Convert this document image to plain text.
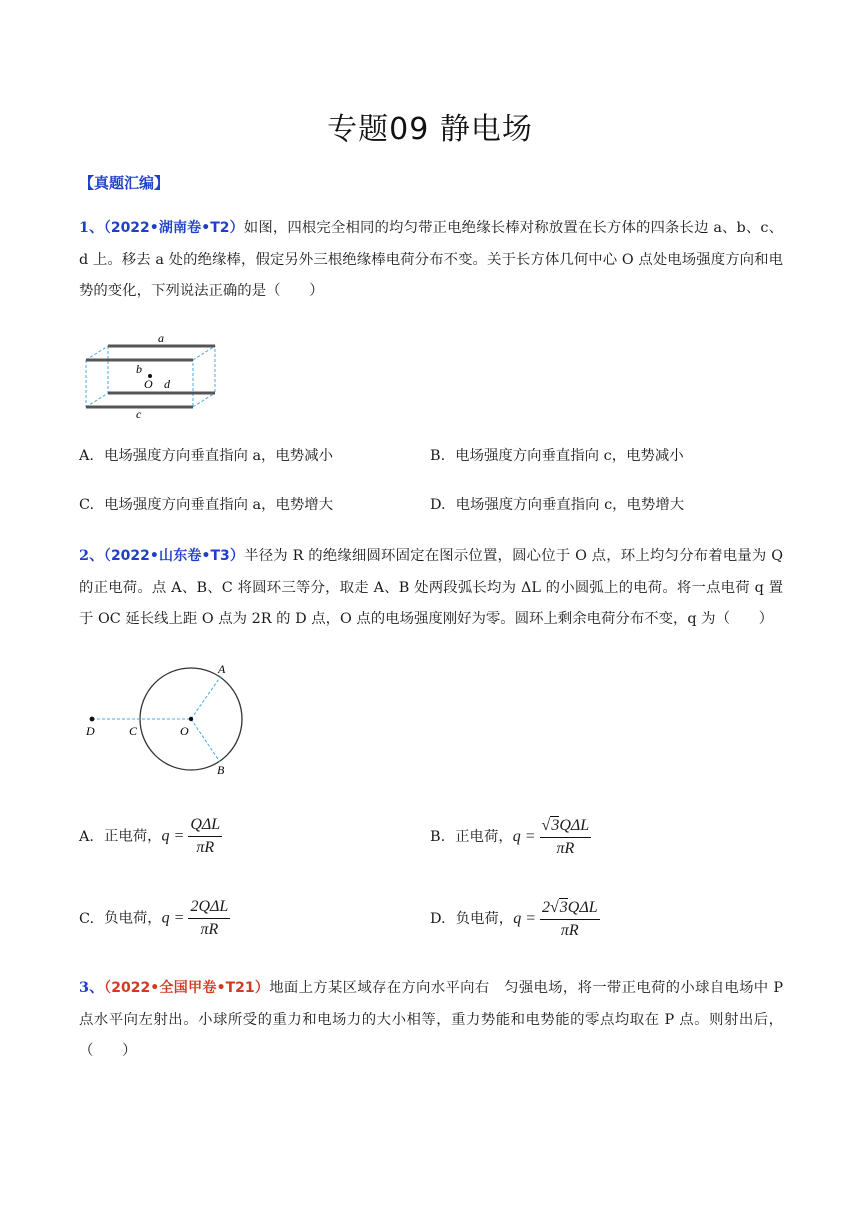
专题09 静电场
【真题汇编】
1、（2022•湖南卷•T2）如图，四根完全相同的均匀带正电绝缘长棒对称放置在长方体的四条长边 a、b、c、d 上。移去 a 处的绝缘棒，假定另外三根绝缘棒电荷分布不变。关于长方体几何中心 O 点处电场强度方向和电势的变化，下列说法正确的是（　　）
a
b
O d
c
A. 电场强度方向垂直指向 a，电势减小	B. 电场强度方向垂直指向 c，电势减小
C. 电场强度方向垂直指向 a，电势增大	D. 电场强度方向垂直指向 c，电势增大
2、（2022•山东卷•T3）半径为 R 的绝缘细圆环固定在图示位置，圆心位于 O 点，环上均匀分布着电量为 Q 的正电荷。点 A、B、C 将圆环三等分，取走 A、B 处两段弧长均为 ΔL 的小圆弧上的电荷。将一点电荷 q 置于 OC 延长线上距 O 点为 2R 的 D 点，O 点的电场强度刚好为零。圆环上剩余电荷分布不变，q 为（　　）
A
D	C	O
B
A. 正电荷，$q = \frac{\text{QΔL}}{\pi R}$	B. 正电荷，$q = \frac{\text{√3QΔL}}{\pi R}$
C. 负电荷，$q = \frac{\text{2QΔL}}{\pi R}$	D. 负电荷，$q = \frac{\text{2√3QΔL}}{\pi R}$
3、（2022•全国甲卷•T21）地面上方某区域存在方向水平向右　匀强电场，将一带正电荷的小球自电场中 P 点水平向左射出。小球所受的重力和电场力的大小相等，重力势能和电势能的零点均取在 P 点。则射出后，（　　）
